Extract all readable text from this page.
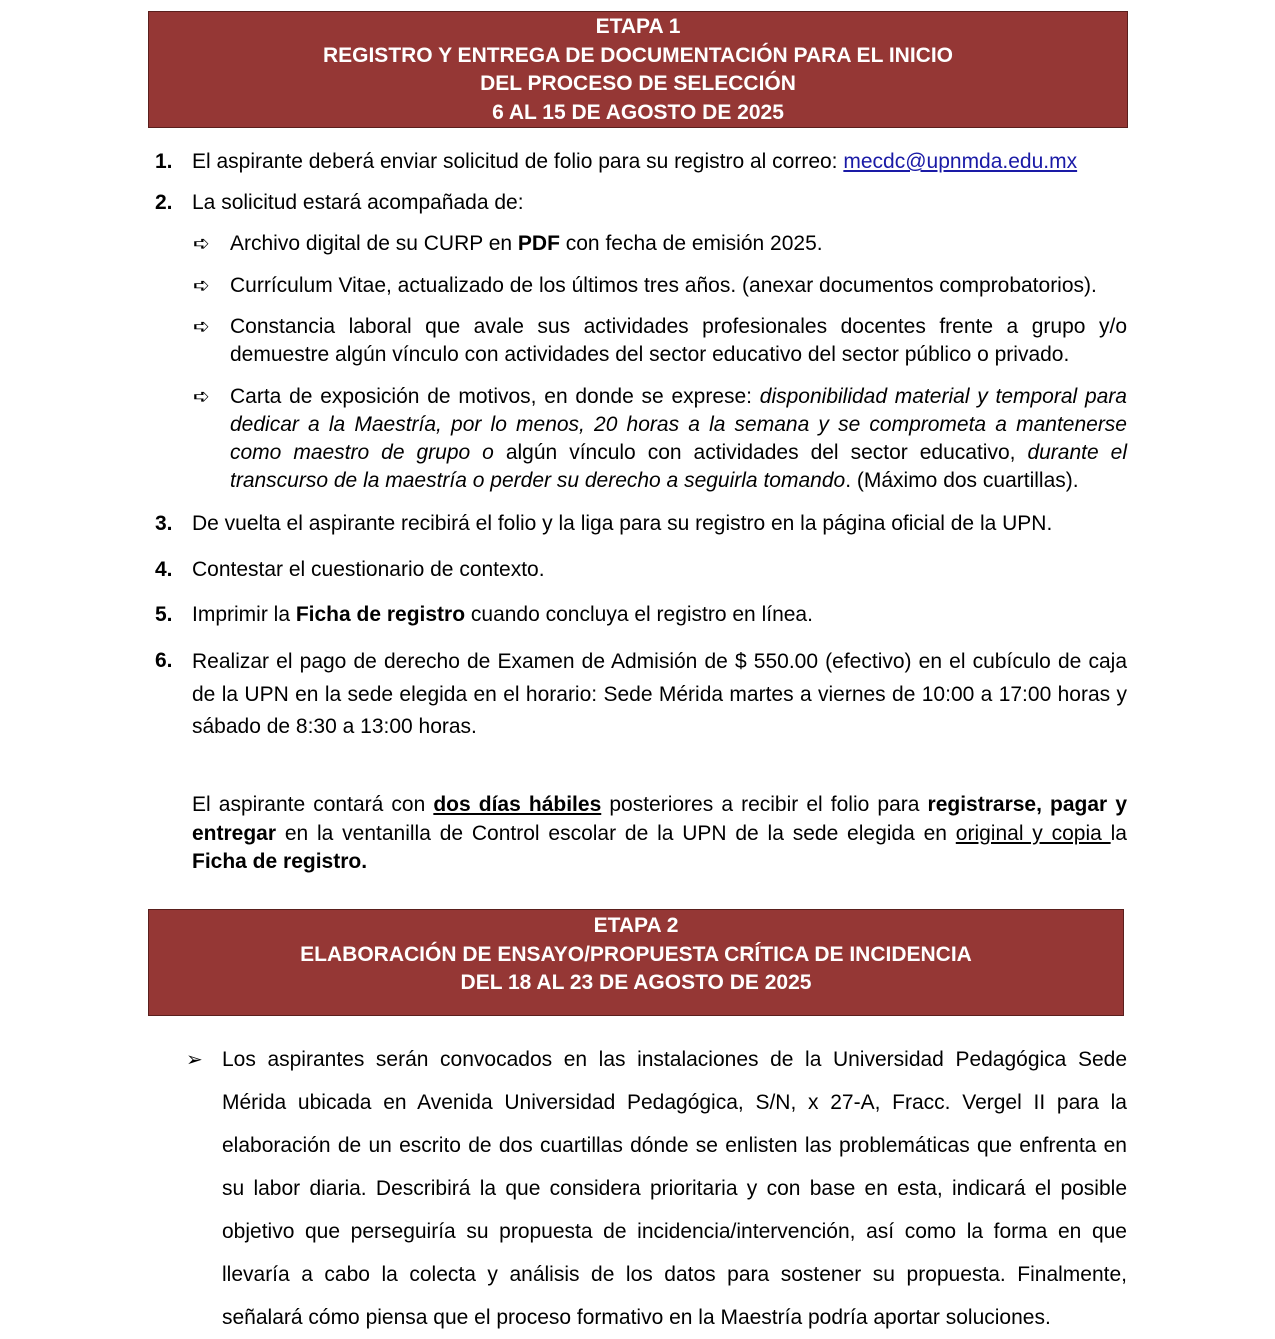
ETAPA 1
REGISTRO Y ENTREGA DE DOCUMENTACIÓN PARA EL INICIO
DEL PROCESO DE SELECCIÓN
6 AL 15 DE AGOSTO DE 2025
1. El aspirante deberá enviar solicitud de folio para su registro al correo: mecdc@upnmda.edu.mx
2. La solicitud estará acompañada de:
➪ Archivo digital de su CURP en PDF con fecha de emisión 2025.
➪ Currículum Vitae, actualizado de los últimos tres años. (anexar documentos comprobatorios).
➪ Constancia laboral que avale sus actividades profesionales docentes frente a grupo y/o demuestre algún vínculo con actividades del sector educativo del sector público o privado.
➪ Carta de exposición de motivos, en donde se exprese: disponibilidad material y temporal para dedicar a la Maestría, por lo menos, 20 horas a la semana y se comprometa a mantenerse como maestro de grupo o algún vínculo con actividades del sector educativo, durante el transcurso de la maestría o perder su derecho a seguirla tomando. (Máximo dos cuartillas).
3. De vuelta el aspirante recibirá el folio y la liga para su registro en la página oficial de la UPN.
4. Contestar el cuestionario de contexto.
5. Imprimir la Ficha de registro cuando concluya el registro en línea.
6. Realizar el pago de derecho de Examen de Admisión de $ 550.00 (efectivo) en el cubículo de caja de la UPN en la sede elegida en el horario: Sede Mérida martes a viernes de 10:00 a 17:00 horas y sábado de 8:30 a 13:00 horas.
El aspirante contará con dos días hábiles posteriores a recibir el folio para registrarse, pagar y entregar en la ventanilla de Control escolar de la UPN de la sede elegida en original y copia la Ficha de registro.
ETAPA 2
ELABORACIÓN DE ENSAYO/PROPUESTA CRÍTICA DE INCIDENCIA
DEL 18 AL 23 DE AGOSTO DE 2025
➢ Los aspirantes serán convocados en las instalaciones de la Universidad Pedagógica Sede Mérida ubicada en Avenida Universidad Pedagógica, S/N, x 27-A, Fracc. Vergel II para la elaboración de un escrito de dos cuartillas dónde se enlisten las problemáticas que enfrenta en su labor diaria. Describirá la que considera prioritaria y con base en esta, indicará el posible objetivo que perseguiría su propuesta de incidencia/intervención, así como la forma en que llevaría a cabo la colecta y análisis de los datos para sostener su propuesta. Finalmente, señalará cómo piensa que el proceso formativo en la Maestría podría aportar soluciones.
